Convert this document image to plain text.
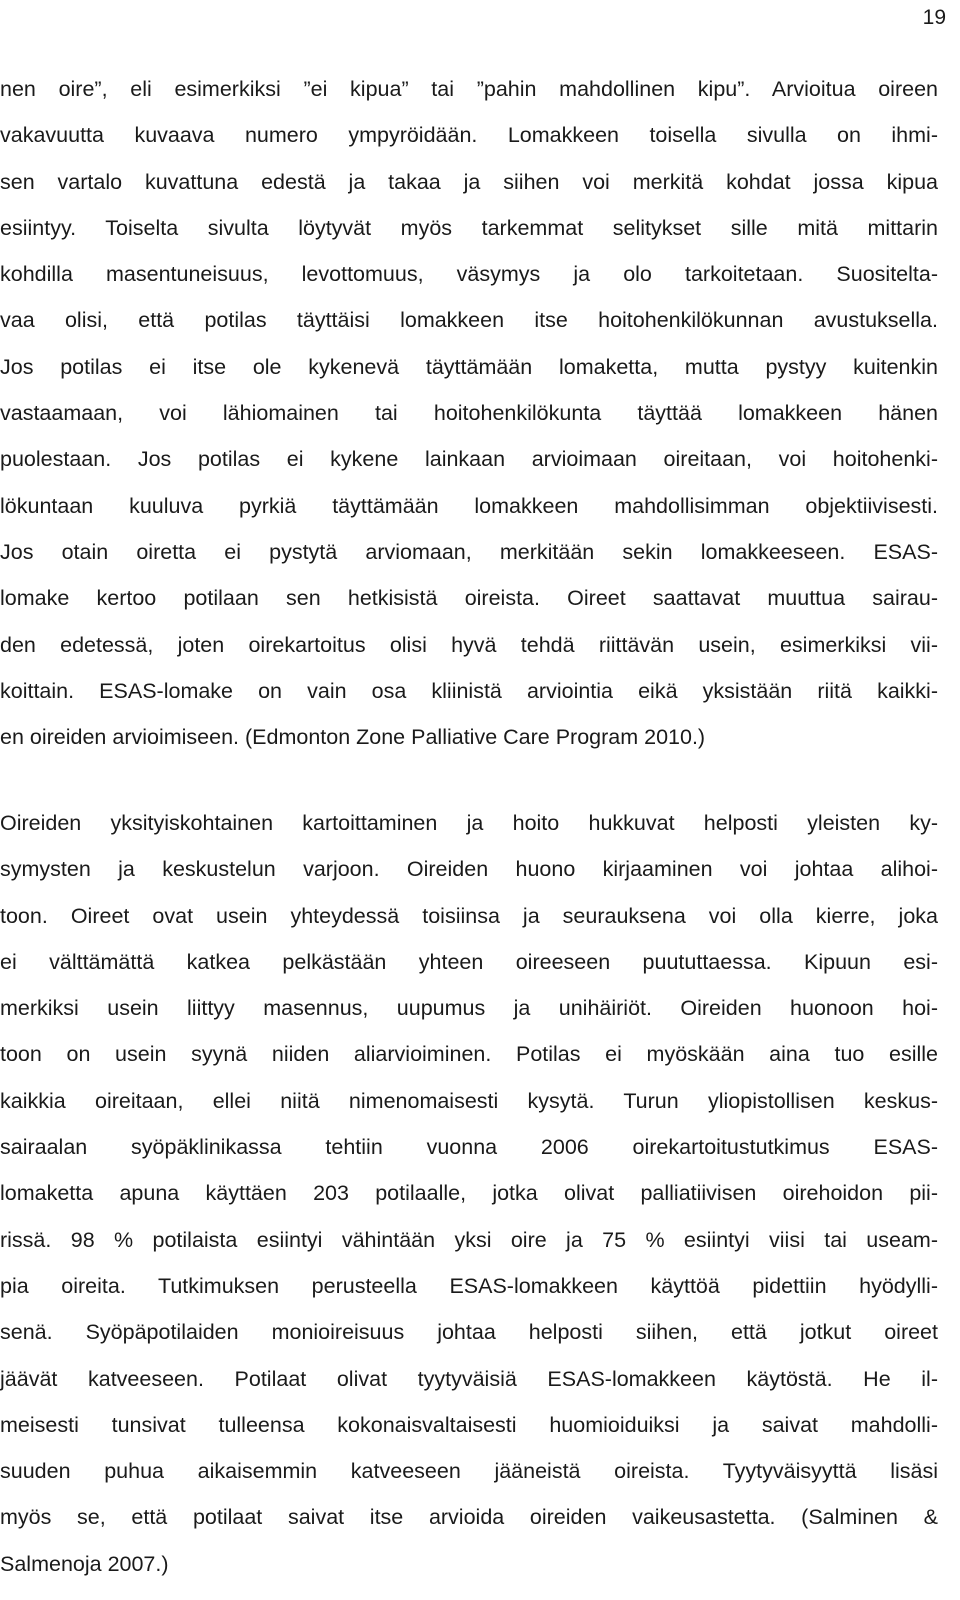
19
nen oire”, eli esimerkiksi ”ei kipua” tai ”pahin mahdollinen kipu”. Arvioitua oireen
vakavuutta kuvaava numero ympyröidään. Lomakkeen toisella sivulla on ihmi-
sen vartalo kuvattuna edestä ja takaa ja siihen voi merkitä kohdat jossa kipua
esiintyy. Toiselta sivulta löytyvät myös tarkemmat selitykset sille mitä mittarin
kohdilla masentuneisuus, levottomuus, väsymys ja olo tarkoitetaan. Suositelta-
vaa olisi, että potilas täyttäisi lomakkeen itse hoitohenkilökunnan avustuksella.
Jos potilas ei itse ole kykenevä täyttämään lomaketta, mutta pystyy kuitenkin
vastaamaan, voi lähiomainen tai hoitohenkilökunta täyttää lomakkeen hänen
puolestaan. Jos potilas ei kykene lainkaan arvioimaan oireitaan, voi hoitohenki-
lökuntaan kuuluva pyrkiä täyttämään lomakkeen mahdollisimman objektiivisesti.
Jos otain oiretta ei pystytä arviomaan, merkitään sekin lomakkeeseen. ESAS-
lomake kertoo potilaan sen hetkisistä oireista. Oireet saattavat muuttua sairau-
den edetessä, joten oirekartoitus olisi hyvä tehdä riittävän usein, esimerkiksi vii-
koittain. ESAS-lomake on vain osa kliinistä arviointia eikä yksistään riitä kaikki-
en oireiden arvioimiseen. (Edmonton Zone Palliative Care Program 2010.)
Oireiden yksityiskohtainen kartoittaminen ja hoito hukkuvat helposti yleisten ky-
symysten ja keskustelun varjoon. Oireiden huono kirjaaminen voi johtaa alihoi-
toon. Oireet ovat usein yhteydessä toisiinsa ja seurauksena voi olla kierre, joka
ei välttämättä katkea pelkästään yhteen oireeseen puututtaessa. Kipuun esi-
merkiksi usein liittyy masennus, uupumus ja unihäiriöt. Oireiden huonoon hoi-
toon on usein syynä niiden aliarvioiminen. Potilas ei myöskään aina tuo esille
kaikkia oireitaan, ellei niitä nimenomaisesti kysytä. Turun yliopistollisen keskus-
sairaalan syöpäklinikassa tehtiin vuonna 2006 oirekartoitustutkimus ESAS-
lomaketta apuna käyttäen 203 potilaalle, jotka olivat palliatiivisen oirehoidon pii-
rissä. 98 % potilaista esiintyi vähintään yksi oire ja 75 % esiintyi viisi tai useam-
pia oireita. Tutkimuksen perusteella ESAS-lomakkeen käyttöä pidettiin hyödylli-
senä. Syöpäpotilaiden monioireisuus johtaa helposti siihen, että jotkut oireet
jäävät katveeseen. Potilaat olivat tyytyväisiä ESAS-lomakkeen käytöstä. He il-
meisesti tunsivat tulleensa kokonaisvaltaisesti huomioiduiksi ja saivat mahdolli-
suuden puhua aikaisemmin katveeseen jääneistä oireista. Tyytyväisyyttä lisäsi
myös se, että potilaat saivat itse arvioida oireiden vaikeusastetta. (Salminen &
Salmenoja 2007.)
